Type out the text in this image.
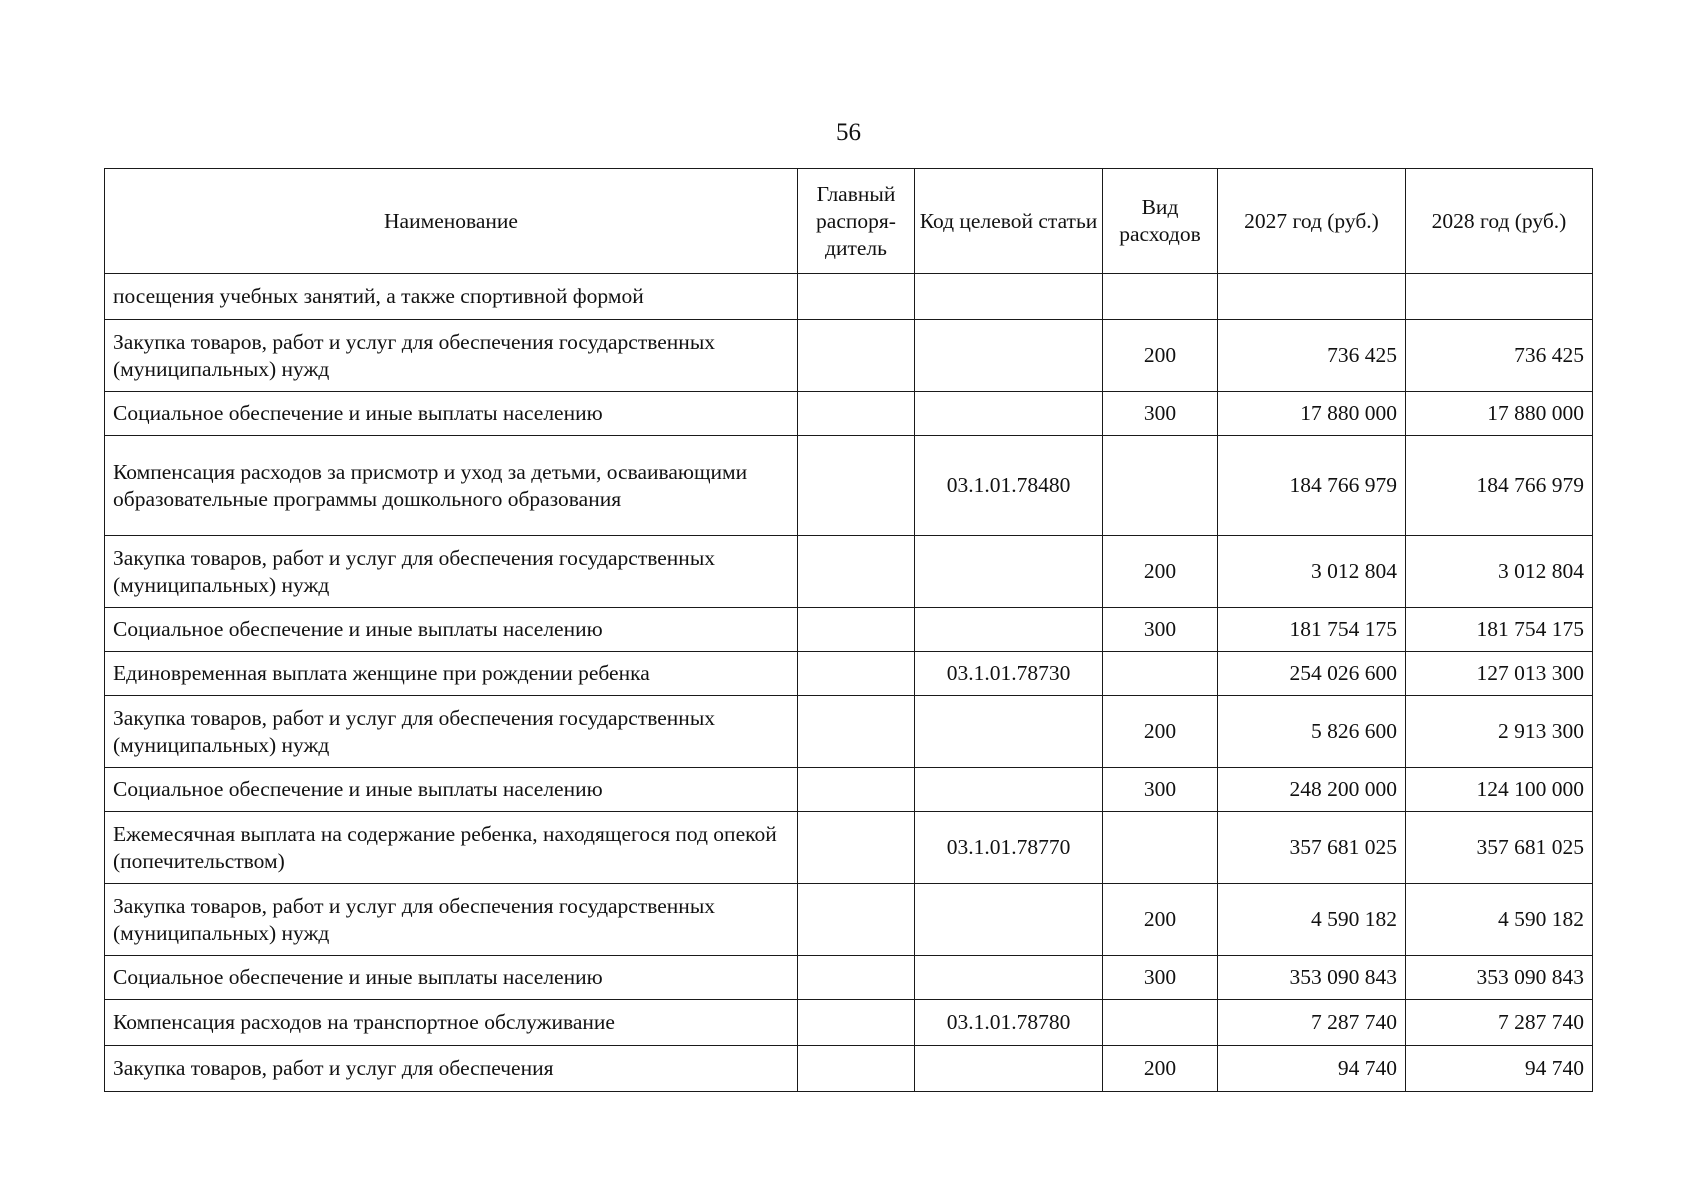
56
Наименование	Главный распоря-дитель	Код целевой статьи	Вид расходов	2027 год (руб.)	2028 год (руб.)
посещения учебных занятий, а также спортивной формой					
Закупка товаров, работ и услуг для обеспечения государственных (муниципальных) нужд			200	736 425	736 425
Социальное обеспечение и иные выплаты населению			300	17 880 000	17 880 000
Компенсация расходов за присмотр и уход за детьми, осваивающими образовательные программы дошкольного образования		03.1.01.78480		184 766 979	184 766 979
Закупка товаров, работ и услуг для обеспечения государственных (муниципальных) нужд			200	3 012 804	3 012 804
Социальное обеспечение и иные выплаты населению			300	181 754 175	181 754 175
Единовременная выплата женщине при рождении ребенка		03.1.01.78730		254 026 600	127 013 300
Закупка товаров, работ и услуг для обеспечения государственных (муниципальных) нужд			200	5 826 600	2 913 300
Социальное обеспечение и иные выплаты населению			300	248 200 000	124 100 000
Ежемесячная выплата на содержание ребенка, находящегося под опекой (попечительством)		03.1.01.78770		357 681 025	357 681 025
Закупка товаров, работ и услуг для обеспечения государственных (муниципальных) нужд			200	4 590 182	4 590 182
Социальное обеспечение и иные выплаты населению			300	353 090 843	353 090 843
Компенсация расходов на транспортное обслуживание		03.1.01.78780		7 287 740	7 287 740
Закупка товаров, работ и услуг для обеспечения			200	94 740	94 740
